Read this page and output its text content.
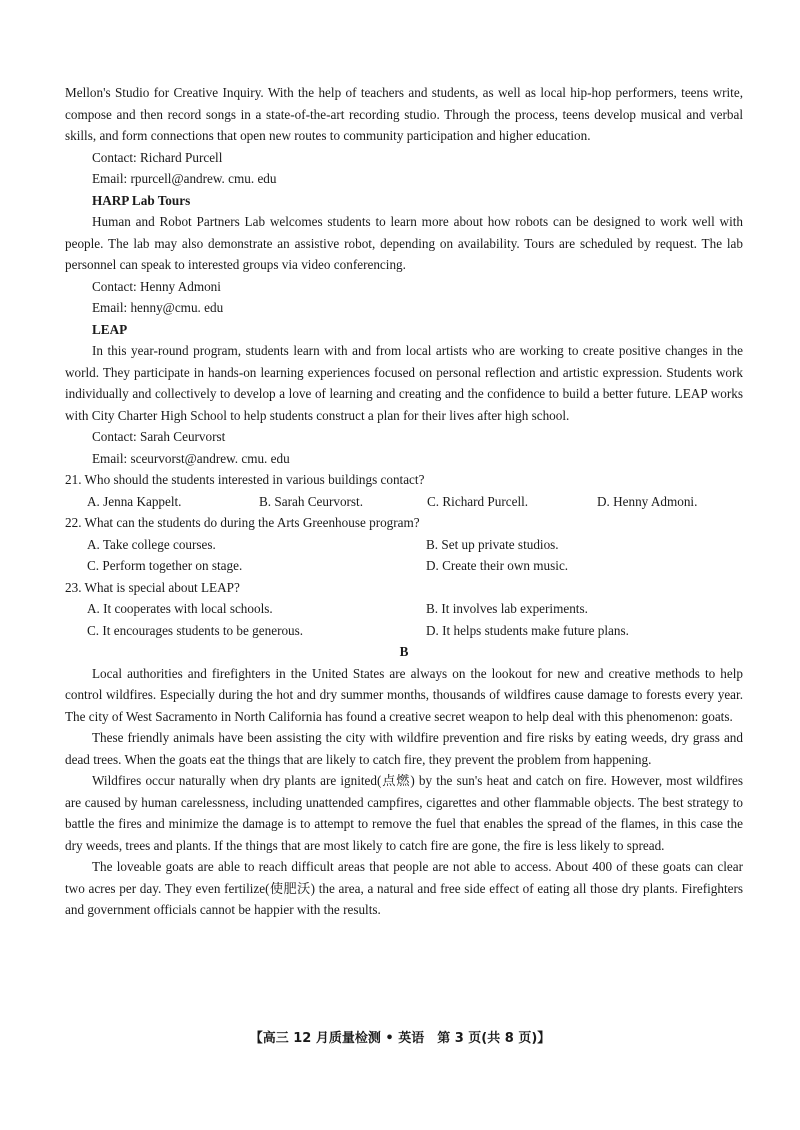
Mellon's Studio for Creative Inquiry. With the help of teachers and students, as well as local hip-hop performers, teens write, compose and then record songs in a state-of-the-art recording studio. Through the process, teens develop musical and verbal skills, and form connections that open new routes to community participation and higher education.

Contact: Richard Purcell

Email: rpurcell@andrew. cmu. edu

HARP Lab Tours

Human and Robot Partners Lab welcomes students to learn more about how robots can be designed to work well with people. The lab may also demonstrate an assistive robot, depending on availability. Tours are scheduled by request. The lab personnel can speak to interested groups via video conferencing.

Contact: Henny Admoni

Email: henny@cmu. edu

LEAP

In this year-round program, students learn with and from local artists who are working to create positive changes in the world. They participate in hands-on learning experiences focused on personal reflection and artistic expression. Students work individually and collectively to develop a love of learning and creating and the confidence to build a better future. LEAP works with City Charter High School to help students construct a plan for their lives after high school.

Contact: Sarah Ceurvorst

Email: sceurvorst@andrew. cmu. edu

21. Who should the students interested in various buildings contact?

A. Jenna Kappelt.	B. Sarah Ceurvorst.	C. Richard Purcell.	D. Henny Admoni.

22. What can the students do during the Arts Greenhouse program?

A. Take college courses.	B. Set up private studios.
C. Perform together on stage.	D. Create their own music.

23. What is special about LEAP?

A. It cooperates with local schools.	B. It involves lab experiments.
C. It encourages students to be generous.	D. It helps students make future plans.

B

Local authorities and firefighters in the United States are always on the lookout for new and creative methods to help control wildfires. Especially during the hot and dry summer months, thousands of wildfires cause damage to forests every year. The city of West Sacramento in North California has found a creative secret weapon to help deal with this phenomenon: goats.

These friendly animals have been assisting the city with wildfire prevention and fire risks by eating weeds, dry grass and dead trees. When the goats eat the things that are likely to catch fire, they prevent the problem from happening.

Wildfires occur naturally when dry plants are ignited(点燃) by the sun's heat and catch on fire. However, most wildfires are caused by human carelessness, including unattended campfires, cigarettes and other flammable objects. The best strategy to battle the fires and minimize the damage is to attempt to remove the fuel that enables the spread of the flames, in this case the dry weeds, trees and plants. If the things that are most likely to catch fire are gone, the fire is less likely to spread.

The loveable goats are able to reach difficult areas that people are not able to access. About 400 of these goats can clear two acres per day. They even fertilize(使肥沃) the area, a natural and free side effect of eating all those dry plants. Firefighters and government officials cannot be happier with the results.

【高三 12 月质量检测 • 英语　第 3 页(共 8 页)】
